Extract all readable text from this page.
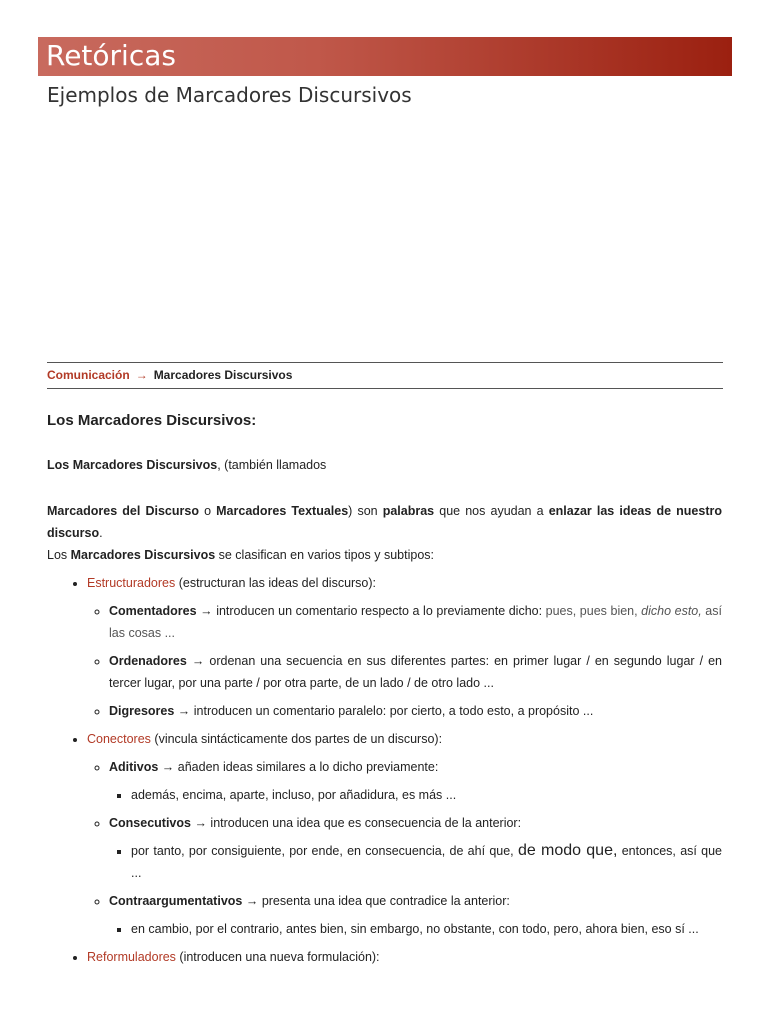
Retóricas
Ejemplos de Marcadores Discursivos
Comunicación → Marcadores Discursivos
Los Marcadores Discursivos:

Los Marcadores Discursivos, (también llamados

Marcadores del Discurso o Marcadores Textuales) son palabras que nos ayudan a enlazar las ideas de nuestro discurso.

Los Marcadores Discursivos se clasifican en varios tipos y subtipos:

• Estructuradores (estructuran las ideas del discurso):
◦ Comentadores → introducen un comentario respecto a lo previamente dicho: pues, pues bien, dicho esto, así las cosas ...
◦ Ordenadores → ordenan una secuencia en sus diferentes partes: en primer lugar / en segundo lugar / en tercer lugar, por una parte / por otra parte, de un lado / de otro lado ...
◦ Digresores → introducen un comentario paralelo: por cierto, a todo esto, a propósito ...
• Conectores (vincula sintácticamente dos partes de un discurso):
◦ Aditivos → añaden ideas similares a lo dicho previamente:
▪ además, encima, aparte, incluso, por añadidura, es más ...
◦ Consecutivos → introducen una idea que es consecuencia de la anterior:
▪ por tanto, por consiguiente, por ende, en consecuencia, de ahí que, de modo que, entonces, así que ...
◦ Contraargumentativos → presenta una idea que contradice la anterior:
▪ en cambio, por el contrario, antes bien, sin embargo, no obstante, con todo, pero, ahora bien, eso sí ...
• Reformuladores (introducen una nueva formulación):
